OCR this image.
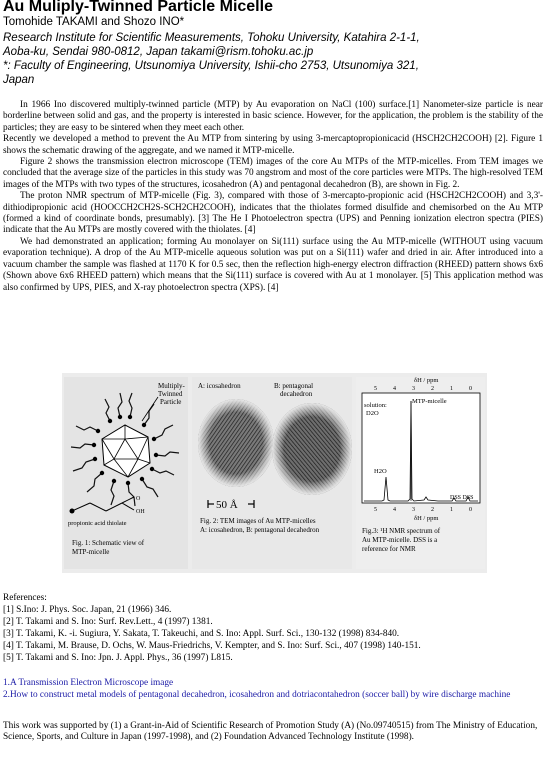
Au Muliply-Twinned Particle Micelle
Tomohide TAKAMI and Shozo INO*
Research Institute for Scientific Measurements, Tohoku University, Katahira 2-1-1,
Aoba-ku, Sendai 980-0812, Japan takami@rism.tohoku.ac.jp
*: Faculty of Engineering, Utsunomiya University, Ishii-cho 2753, Utsunomiya 321,
Japan

In 1966 Ino discovered multiply-twinned particle (MTP) by Au evaporation on NaCl (100) surface.[1] Nanometer-size particle is near borderline between solid and gas, and the property is interested in basic science. However, for the application, the problem is the stability of the particles; they are easy to be sintered when they meet each other.

Recently we developed a method to prevent the Au MTP from sintering by using 3-mercaptopropionicacid (HSCH2CH2COOH) [2]. Figure 1 shows the schematic drawing of the aggregate, and we named it MTP-micelle.

Figure 2 shows the transmission electron microscope (TEM) images of the core Au MTPs of the MTP-micelles. From TEM images we concluded that the average size of the particles in this study was 70 angstrom and most of the core particles were MTPs. The high-resolved TEM images of the MTPs with two types of the structures, icosahedron (A) and pentagonal decahedron (B), are shown in Fig. 2.

The proton NMR spectrum of MTP-micelle (Fig. 3), compared with those of 3-mercapto-propionic acid (HSCH2CH2COOH) and 3,3'-dithiodipropionic acid (HOOCCH2CH2S-SCH2CH2COOH), indicates that the thiolates formed disulfide and chemisorbed on the Au MTP (formed a kind of coordinate bonds, presumably). [3] The He I Photoelectron spectra (UPS) and Penning ionization electron spectra (PIES) indicate that the Au MTPs are mostly covered with the thiolates. [4]

We had demonstrated an application; forming Au monolayer on Si(111) surface using the Au MTP-micelle (WITHOUT using vacuum evaporation technique). A drop of the Au MTP-micelle aqueous solution was put on a Si(111) wafer and dried in air. After introduced into a vacuum chamber the sample was flashed at 1170 K for 0.5 sec, then the reflection high-energy electron diffraction (RHEED) pattern shows 6x6 (Shown above 6x6 RHEED pattern) which means that the Si(111) surface is covered with Au at 1 monolayer. [5] This application method was also confirmed by UPS, PIES, and X-ray photoelectron spectra (XPS). [4]

Multiply-
Twinned
Particle
O
OH
propionic acid thiolate
Fig. 1: Schematic view of
MTP-micelle
A: icosahedron	B: pentagonal
decahedron
50 Å
Fig. 2: TEM images of Au MTP-micelles
A: icosahedron, B: pentagonal decahedron
δH / ppm
5	4	3	2	1	0
solution:
D2O
MTP-micelle
H2O
DSS DSS
5	4	3	2	1	0
δH / ppm
Fig.3: ¹H NMR spectrum of
Au MTP-micelle. DSS is a
reference for NMR
References:
[1] S.Ino: J. Phys. Soc. Japan, 21 (1966) 346.
[2] T. Takami and S. Ino: Surf. Rev.Lett., 4 (1997) 1381.
[3] T. Takami, K. -i. Sugiura, Y. Sakata, T. Takeuchi, and S. Ino: Appl. Surf. Sci., 130-132 (1998) 834-840.
[4] T. Takami, M. Brause, D. Ochs, W. Maus-Friedrichs, V. Kempter, and S. Ino: Surf. Sci., 407 (1998) 140-151.
[5] T. Takami and S. Ino: Jpn. J. Appl. Phys., 36 (1997) L815.
1.A Transmission Electron Microscope image
2.How to construct metal models of pentagonal decahedron, icosahedron and dotriacontahedron (soccer ball) by wire discharge machine
This work was supported by (1) a Grant-in-Aid of Scientific Research of Promotion Study (A) (No.09740515) from The Ministry of Education, Science, Sports, and Culture in Japan (1997-1998), and (2) Foundation Advanced Technology Institute (1998).
